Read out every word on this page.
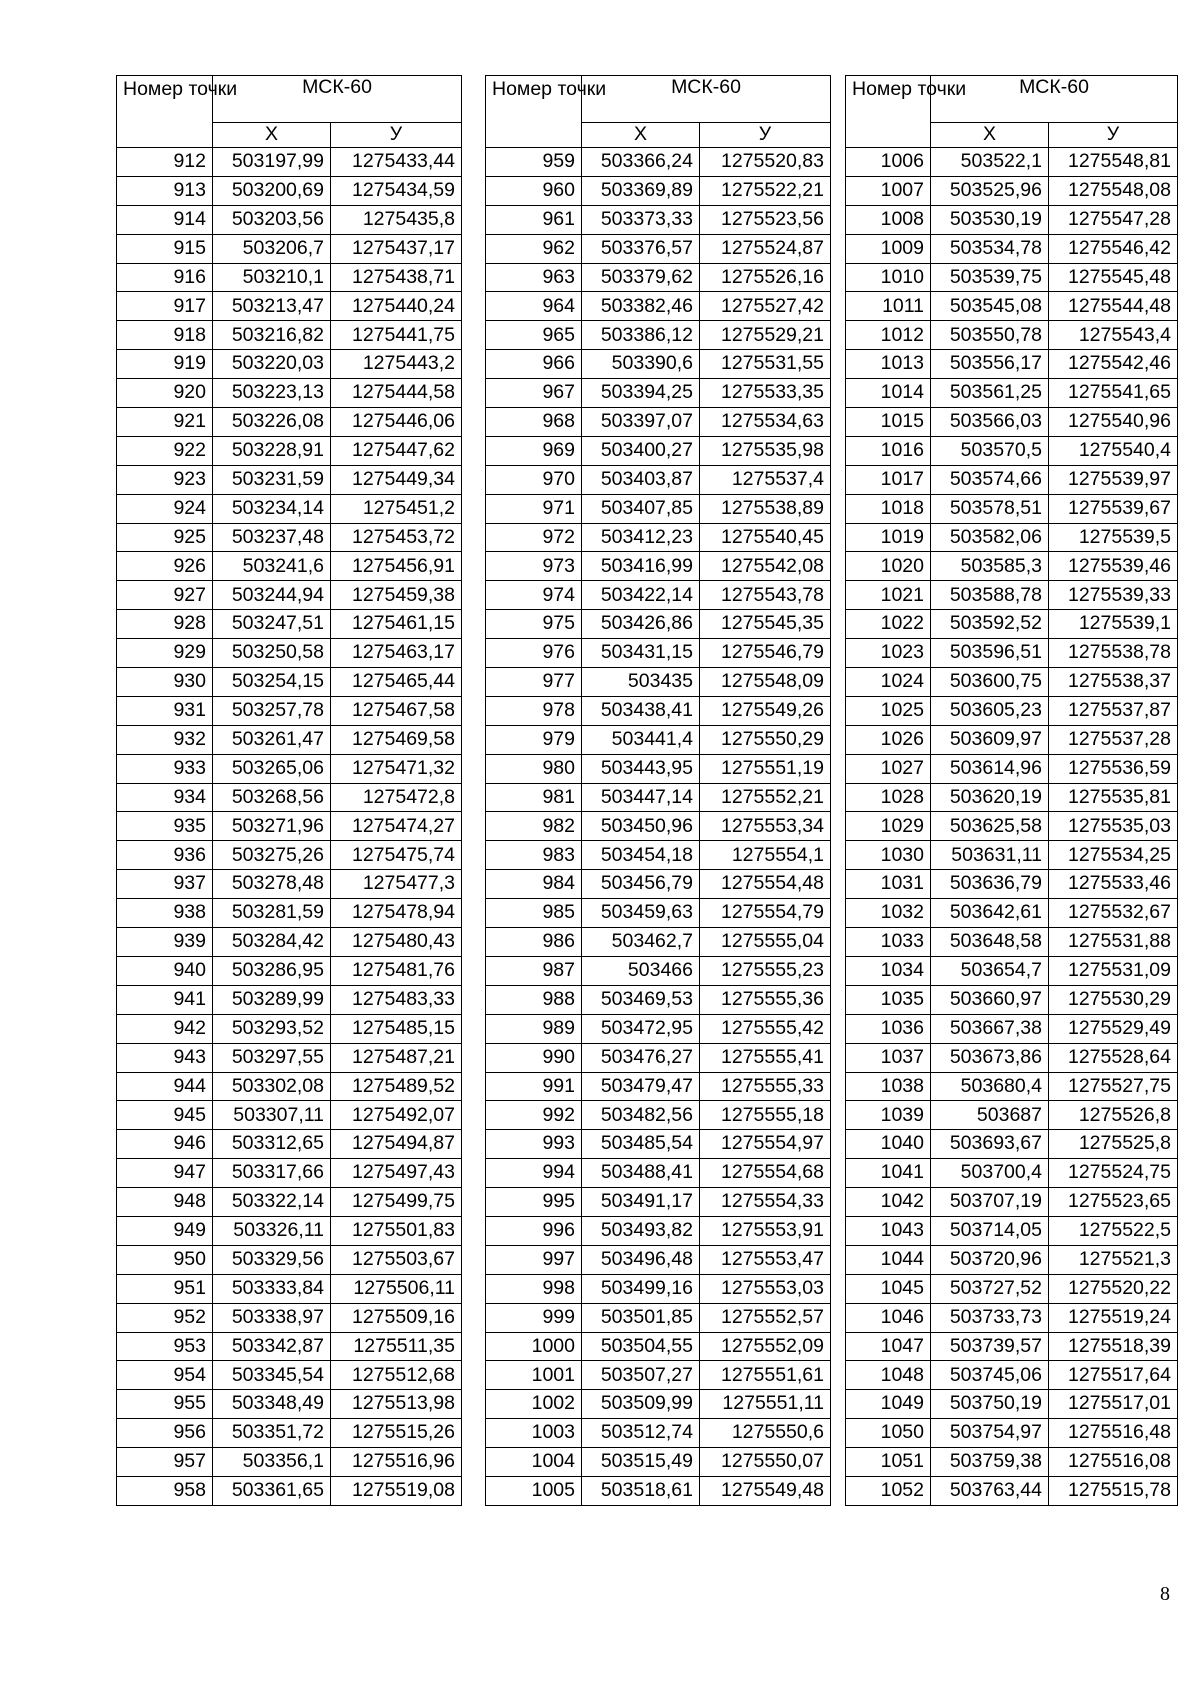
Номер точки	МСК-60	
	Х	У
912	503197,99	1275433,44
913	503200,69	1275434,59
914	503203,56	1275435,8
915	503206,7	1275437,17
916	503210,1	1275438,71
917	503213,47	1275440,24
918	503216,82	1275441,75
919	503220,03	1275443,2
920	503223,13	1275444,58
921	503226,08	1275446,06
922	503228,91	1275447,62
923	503231,59	1275449,34
924	503234,14	1275451,2
925	503237,48	1275453,72
926	503241,6	1275456,91
927	503244,94	1275459,38
928	503247,51	1275461,15
929	503250,58	1275463,17
930	503254,15	1275465,44
931	503257,78	1275467,58
932	503261,47	1275469,58
933	503265,06	1275471,32
934	503268,56	1275472,8
935	503271,96	1275474,27
936	503275,26	1275475,74
937	503278,48	1275477,3
938	503281,59	1275478,94
939	503284,42	1275480,43
940	503286,95	1275481,76
941	503289,99	1275483,33
942	503293,52	1275485,15
943	503297,55	1275487,21
944	503302,08	1275489,52
945	503307,11	1275492,07
946	503312,65	1275494,87
947	503317,66	1275497,43
948	503322,14	1275499,75
949	503326,11	1275501,83
950	503329,56	1275503,67
951	503333,84	1275506,11
952	503338,97	1275509,16
953	503342,87	1275511,35
954	503345,54	1275512,68
955	503348,49	1275513,98
956	503351,72	1275515,26
957	503356,1	1275516,96
958	503361,65	1275519,08
Номер точки	МСК-60	
	Х	У
959	503366,24	1275520,83
960	503369,89	1275522,21
961	503373,33	1275523,56
962	503376,57	1275524,87
963	503379,62	1275526,16
964	503382,46	1275527,42
965	503386,12	1275529,21
966	503390,6	1275531,55
967	503394,25	1275533,35
968	503397,07	1275534,63
969	503400,27	1275535,98
970	503403,87	1275537,4
971	503407,85	1275538,89
972	503412,23	1275540,45
973	503416,99	1275542,08
974	503422,14	1275543,78
975	503426,86	1275545,35
976	503431,15	1275546,79
977	503435	1275548,09
978	503438,41	1275549,26
979	503441,4	1275550,29
980	503443,95	1275551,19
981	503447,14	1275552,21
982	503450,96	1275553,34
983	503454,18	1275554,1
984	503456,79	1275554,48
985	503459,63	1275554,79
986	503462,7	1275555,04
987	503466	1275555,23
988	503469,53	1275555,36
989	503472,95	1275555,42
990	503476,27	1275555,41
991	503479,47	1275555,33
992	503482,56	1275555,18
993	503485,54	1275554,97
994	503488,41	1275554,68
995	503491,17	1275554,33
996	503493,82	1275553,91
997	503496,48	1275553,47
998	503499,16	1275553,03
999	503501,85	1275552,57
1000	503504,55	1275552,09
1001	503507,27	1275551,61
1002	503509,99	1275551,11
1003	503512,74	1275550,6
1004	503515,49	1275550,07
1005	503518,61	1275549,48
Номер точки	МСК-60	
	Х	У
1006	503522,1	1275548,81
1007	503525,96	1275548,08
1008	503530,19	1275547,28
1009	503534,78	1275546,42
1010	503539,75	1275545,48
1011	503545,08	1275544,48
1012	503550,78	1275543,4
1013	503556,17	1275542,46
1014	503561,25	1275541,65
1015	503566,03	1275540,96
1016	503570,5	1275540,4
1017	503574,66	1275539,97
1018	503578,51	1275539,67
1019	503582,06	1275539,5
1020	503585,3	1275539,46
1021	503588,78	1275539,33
1022	503592,52	1275539,1
1023	503596,51	1275538,78
1024	503600,75	1275538,37
1025	503605,23	1275537,87
1026	503609,97	1275537,28
1027	503614,96	1275536,59
1028	503620,19	1275535,81
1029	503625,58	1275535,03
1030	503631,11	1275534,25
1031	503636,79	1275533,46
1032	503642,61	1275532,67
1033	503648,58	1275531,88
1034	503654,7	1275531,09
1035	503660,97	1275530,29
1036	503667,38	1275529,49
1037	503673,86	1275528,64
1038	503680,4	1275527,75
1039	503687	1275526,8
1040	503693,67	1275525,8
1041	503700,4	1275524,75
1042	503707,19	1275523,65
1043	503714,05	1275522,5
1044	503720,96	1275521,3
1045	503727,52	1275520,22
1046	503733,73	1275519,24
1047	503739,57	1275518,39
1048	503745,06	1275517,64
1049	503750,19	1275517,01
1050	503754,97	1275516,48
1051	503759,38	1275516,08
1052	503763,44	1275515,78
8
